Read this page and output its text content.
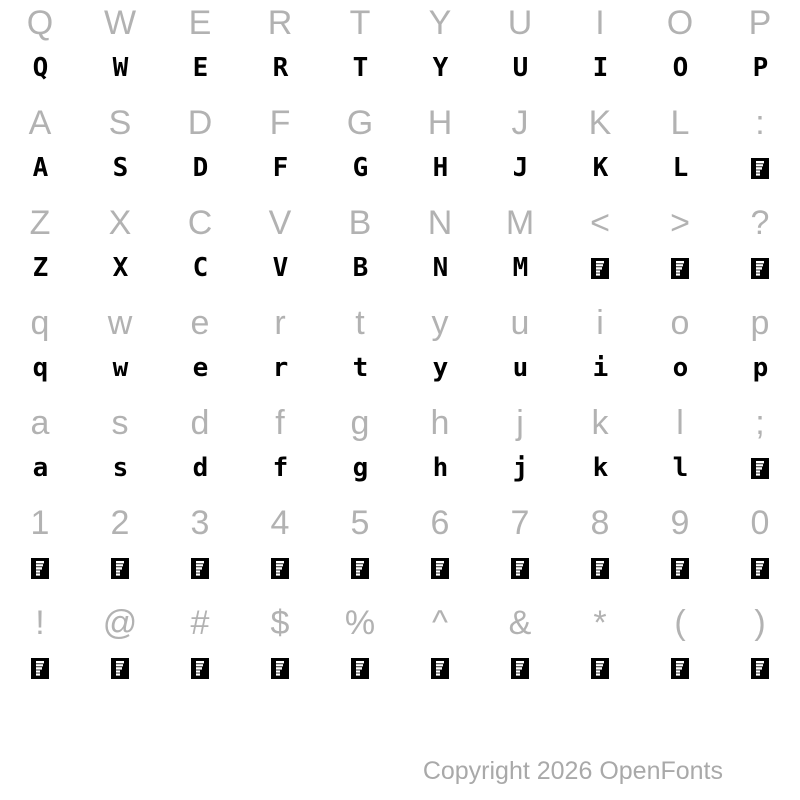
Q
Q
W
W
E
E
R
R
T
T
Y
Y
U
U
I
I
O
O
P
P
A
A
S
S
D
D
F
F
G
G
H
H
J
J
K
K
L
L
:
Z
Z
X
X
C
C
V
V
B
B
N
N
M
M
< > ?
q
q
w
w
e
e
r
r
t
t
y
y
u
u
i
i
o
o
p
p
a
a
s
s
d
d
f
f
g
g
h
h
j
j
k
k
l
l
;
1 2 3 4 5 6 7 8 9 0
! @ # $ % ^ & * ( )
Copyright 2026 OpenFonts
